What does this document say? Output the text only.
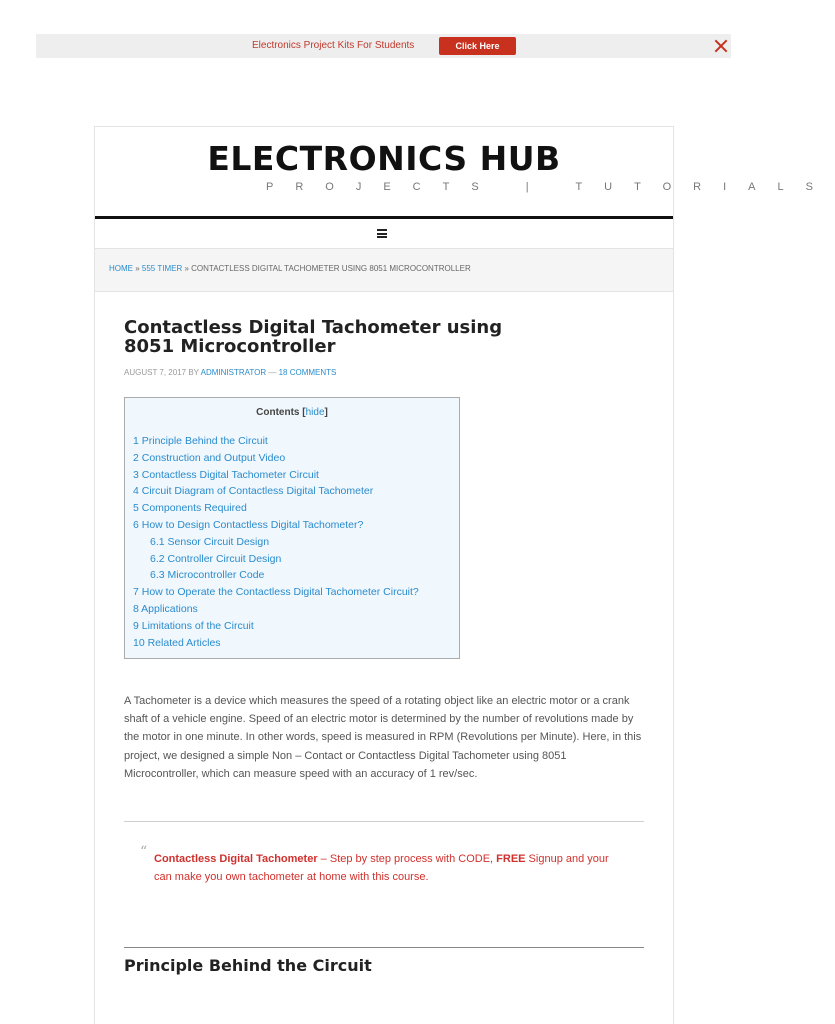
Electronics Project Kits For Students	Click Here
ELECTRONICS HUB
PROJECTS | TUTORIALS
HOME » 555 TIMER » CONTACTLESS DIGITAL TACHOMETER USING 8051 MICROCONTROLLER
Contactless Digital Tachometer using 8051 Microcontroller
AUGUST 7, 2017 BY ADMINISTRATOR — 18 COMMENTS
Contents [hide]
1 Principle Behind the Circuit
2 Construction and Output Video
3 Contactless Digital Tachometer Circuit
4 Circuit Diagram of Contactless Digital Tachometer
5 Components Required
6 How to Design Contactless Digital Tachometer?
6.1 Sensor Circuit Design
6.2 Controller Circuit Design
6.3 Microcontroller Code
7 How to Operate the Contactless Digital Tachometer Circuit?
8 Applications
9 Limitations of the Circuit
10 Related Articles

A Tachometer is a device which measures the speed of a rotating object like an electric motor or a crank shaft of a vehicle engine. Speed of an electric motor is determined by the number of revolutions made by the motor in one minute. In other words, speed is measured in RPM (Revolutions per Minute). Here, in this project, we designed a simple Non – Contact or Contactless Digital Tachometer using 8051 Microcontroller, which can measure speed with an accuracy of 1 rev/sec.

“ Contactless Digital Tachometer – Step by step process with CODE, FREE Signup and your can make you own tachometer at home with this course.
Principle Behind the Circuit
